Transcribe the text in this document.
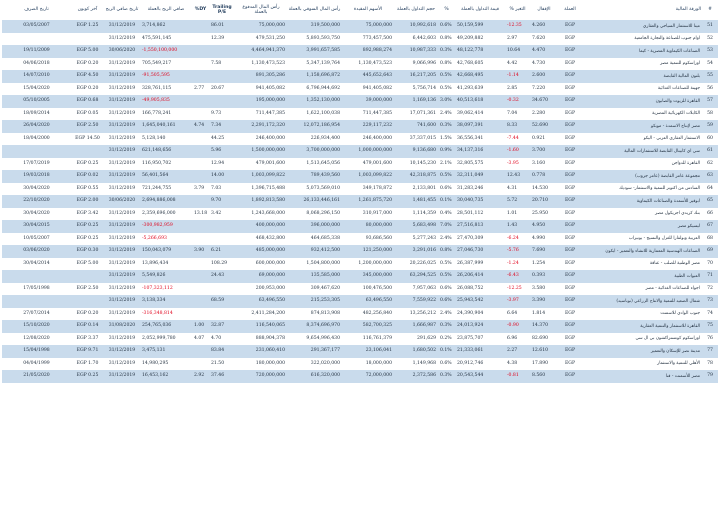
#	الورقة المالية	العملة	الإقفال	التغير %	قيمة التداول بالعملة	%	حجم التداول بالعملة	الأسهم المقيدة	رأس المال السوقي بالعملة	رأس المال المدفوع بالعملة	Trailing P/E	DY%	صافي الربح بالعملة	تاريخ صافي الربح	آخر كوبون	تاريخ الصرف
51	ميتا للاستثمار السياحي والعقاري	EGP	4.260	-12.35	50,159,599	0.6%	10,992,618	75,000,000	319,500,000	75,000,000	86.01		3,714,862	31/12/2019	EGP 1.25	03/05/2007
52	اوام جنوب للصناعة والتجارة الجامعية	EGP	7.620	2.97	49,209,882	0.8%	6,442,603	773,457,500	5,893,593,750	479,531,250	12.39		475,591,145	31/12/2019		
53	الصناعات الكيماوية المصرية - كيما	EGP	4.470	10.64	48,122,778	0.3%	10,987,333	892,988,274	3,991,657,585	4,464,941,370			-1,550,100,000	30/06/2020	EGP 5.00	19/11/2009
54	اوراسكوم للتنمية مصر	EGP	4.730	4.42	42,768,605	0.8%	9,066,996	1,130,473,523	5,347,139,764	1,130,473,523	7.58		705,549,217	31/12/2019	EGP 0.20	04/06/2018
55	بلتون المالية القابضة	EGP	2.600	-1.14	42,668,495	0.5%	16,217,205	445,652,643	1,158,696,872	891,305,286			-91,505,595	31/12/2019	EGP 4.50	14/07/2010
56	جهينة للصناعات الغذائية	EGP	7.220	2.85	41,293,639	0.5%	5,756,714	941,405,082	6,796,944,692	941,405,082	20.67	2.77	328,761,115	31/12/2019	EGP 0.20	15/04/2020
57	القاهرة للزيوت والصابون	EGP	34.670	-0.32	40,513,618	3.0%	1,169,136	39,000,000	1,352,130,000	195,000,000			-49,905,835	31/12/2019	EGP 0.68	05/10/2005
58	الكابلات الكهربائية المصرية	EGP	2.280	7.04	39,062,414	2.4%	17,071,361	711,447,385	1,622,100,038	711,447,385	9.73		166,778,241	31/12/2019	EGP 0.05	18/09/2014
59	مصر لإنتاج الاسمدة - موبكو	EGP	52.690	8.33	38,097,391	0.3%	741,600	229,117,232	12,072,186,954	2,291,172,320	7.34	4.74	1,645,040,161	31/12/2019	EGP 2.50	26/04/2020
60	الاستثمار العقاري العربي - اليكو	EGP	0.921	-7.44	36,556,341	1.5%	37,337,015	246,400,000	226,934,400	246,400,000	44.25		5,128,140	31/12/2019	EGP 14.50	18/04/2000
61	سي اي كابيتال القابضة للاستثمارات المالية	EGP	3.700	-1.60	34,137,316	0.9%	9,136,680	1,000,000,000	3,700,000,000	1,500,000,000	5.96		621,148,656	31/12/2019		
62	القاهرة للدواجن	EGP	3.160	-3.95	32,805,575	2.1%	10,145,230	479,001,600	1,513,645,056	479,001,600	12.94		116,950,702	31/12/2019	EGP 0.25	17/07/2019
63	مجموعة عامر القابضة (عامر جروب)	EGP	0.778	12.43	32,311,049	0.5%	42,318,875	1,003,099,822	789,439,560	1,003,099,822	14.00		56,401,564	31/12/2019	EGP 0.02	19/03/2018
64	السادس من اكتوبر للتنمية والاستثمار- سوديك	EGP	14.530	4.31	31,283,246	0.6%	2,133,801	349,178,872	5,073,569,010	1,396,715,488	7.03	3.79	721,244,755	31/12/2019	EGP 0.55	30/04/2020
65	ابوقير للأسمدة والصناعات الكيماوية	EGP	20.710	5.72	30,040,735	0.1%	1,481,455	1,261,875,720	26,133,446,161	1,892,813,580	9.70		2,694,886,008	30/06/2020	EGP 2.00	22/10/2020
66	بنك كريدي اجريكول مصر	EGP	25.950	1.01	28,501,112	0.4%	1,114,359	310,917,000	8,068,296,150	1,243,668,000	3.42	13.18	2,359,696,000	31/12/2019	EGP 3.42	30/04/2020
67	ليسيكو مصر	EGP	4.950	1.43	27,516,813	7.0%	5,683,498	80,000,000	396,000,000	400,000,000			-300,982,959	31/12/2019	EGP 0.25	30/04/2015
68	العربية وبولفارا للغزل والنسيج - يونيراب	EGP	4.990	-6.24	27,470,309	2.4%	5,277,243	93,686,560	464,685,338	468,432,800			-5,266,693	31/12/2019	EGP 0.25	10/05/2007
69	الصناعات الهندسية المعمارية للانشاء والتعمير - ايكون	EGP	7.690	-5.76	27,046,730	0.8%	3,291,016	121,250,000	932,412,500	485,000,000	6.21	3.90	150,043,079	31/12/2019	EGP 0.30	03/06/2020
70	مصر الوطنية للصلب - عتاقة	EGP	1.254	-1.24	26,387,999	0.5%	20,226,025	1,200,000,000	1,504,800,000	600,000,000	108.29		13,896,434	31/12/2019	EGP 5.00	30/04/2014
71	العبوات الطبية	EGP	0.393	-6.43	26,206,414	0.5%	63,294,525	345,000,000	135,585,000	69,000,000	24.43		5,549,826	31/12/2019		
72	اجواء للصناعات الغذائية - مصر	EGP	3.580	-12.25	26,088,752	0.6%	7,957,063	100,476,500	309,467,620	200,953,000			-107,323,112	31/12/2019	EGP 2.50	17/05/1998
73	شمال الصعيد للتنمية والانتاج الزراعي (نوباسيد)	EGP	3.390	-3.97	25,943,542	0.6%	7,559,922	63,496,550	215,253,305	63,496,550	68.59		3,138,334	31/12/2019		
74	جنوب الوادي للاسمنت	EGP	1.814	6.64	24,390,904	2.4%	13,256,212	482,256,840	874,813,908	2,411,284,200			-316,348,814	31/12/2019	EGP 0.20	27/07/2014
75	القاهرة للاستثمار والتنمية العقارية	EGP	14.370	-0.90	24,013,924	0.3%	1,666,987	582,700,325	8,374,696,970	116,540,065	32.87	1.00	254,765,036	31/08/2020	EGP 0.14	15/10/2020
76	اوراسكوم كونستراكشون بي ال سي	EGP	82.690	6.96	23,875,707	0.2%	291,629	116,761,379	9,654,996,430	888,904,378	4.70	4.07	2,052,999,780	31/12/2019	EGP 3.37	12/08/2020
77	مدينة نصر للإسكان والتعمير	EGP	12.610	2.27	21,333,061	0.1%	1,680,502	23,106,041	291,367,177	231,060,410	83.84		3,475,131	31/12/2019	EGP 9.71	15/04/1998
78	الأهلي للتنمية والاستثمار	EGP	17.890	4.38	20,912,746	0.6%	1,149,968	18,000,000	322,020,000	180,000,000	21.50		14,980,295	31/12/2019	EGP 1.70	04/04/1999
79	مصر للأسمنت - قنا	EGP	8.560	-0.81	20,543,544	0.3%	2,372,586	72,000,000	616,320,000	720,000,000	37.46	2.92	16,453,162	31/12/2019	EGP 0.25	21/05/2020
